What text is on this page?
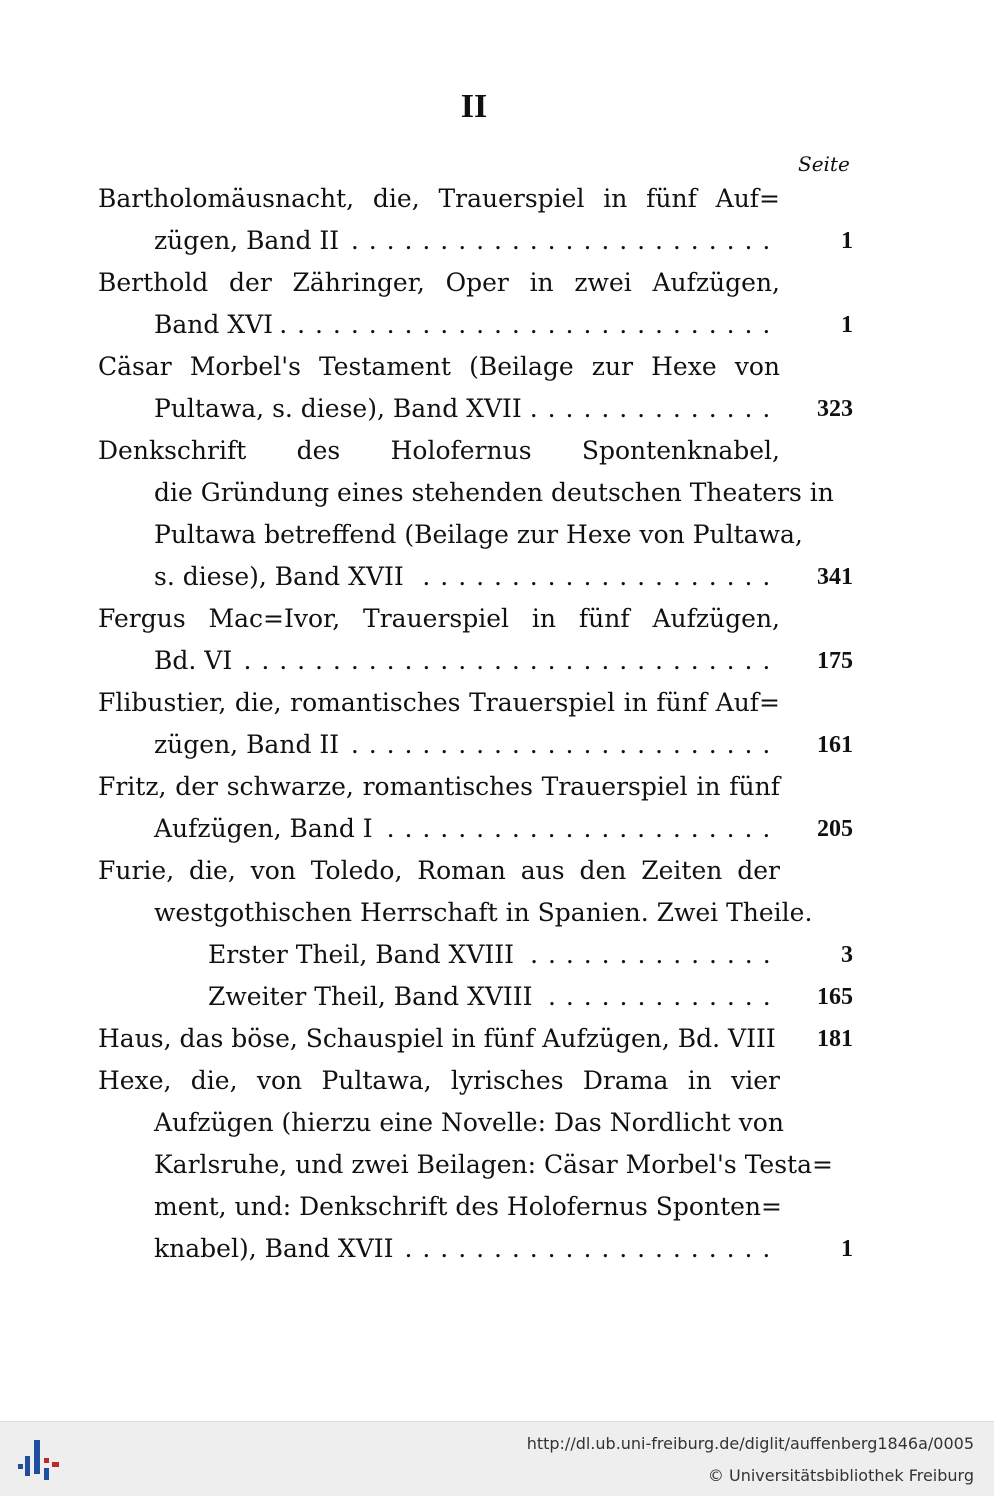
II
Seite
Bartholomäusnacht, die, Trauerspiel in fünf Auf=
zügen, Band II	1
. . .
Berthold der Zähringer, Oper in zwei Aufzügen,
Band XVI	1
. . .
Cäsar Morbel's Testament (Beilage zur Hexe von
Pultawa, s. diese), Band XVII	323
. . .
Denkschrift des Holofernus Spontenknabel,
die Gründung eines stehenden deutschen Theaters in
Pultawa betreffend (Beilage zur Hexe von Pultawa,
s. diese), Band XVII	341
. . .
Fergus Mac=Ivor, Trauerspiel in fünf Aufzügen,
Bd. VI	175
. . .
Flibustier, die, romantisches Trauerspiel in fünf Auf=
zügen, Band II	161
. . .
Fritz, der schwarze, romantisches Trauerspiel in fünf
Aufzügen, Band I	205
. . .
Furie, die, von Toledo, Roman aus den Zeiten der
westgothischen Herrschaft in Spanien. Zwei Theile.
Erster Theil, Band XVIII	3
. . .
Zweiter Theil, Band XVIII	165
. . .
Haus, das böse, Schauspiel in fünf Aufzügen, Bd. VIII	181
Hexe, die, von Pultawa, lyrisches Drama in vier
Aufzügen (hierzu eine Novelle: Das Nordlicht von
Karlsruhe, und zwei Beilagen: Cäsar Morbel's Testa=
ment, und: Denkschrift des Holofernus Sponten=
knabel), Band XVII	1
. . .
http://dl.ub.uni-freiburg.de/diglit/auffenberg1846a/0005
© Universitätsbibliothek Freiburg
